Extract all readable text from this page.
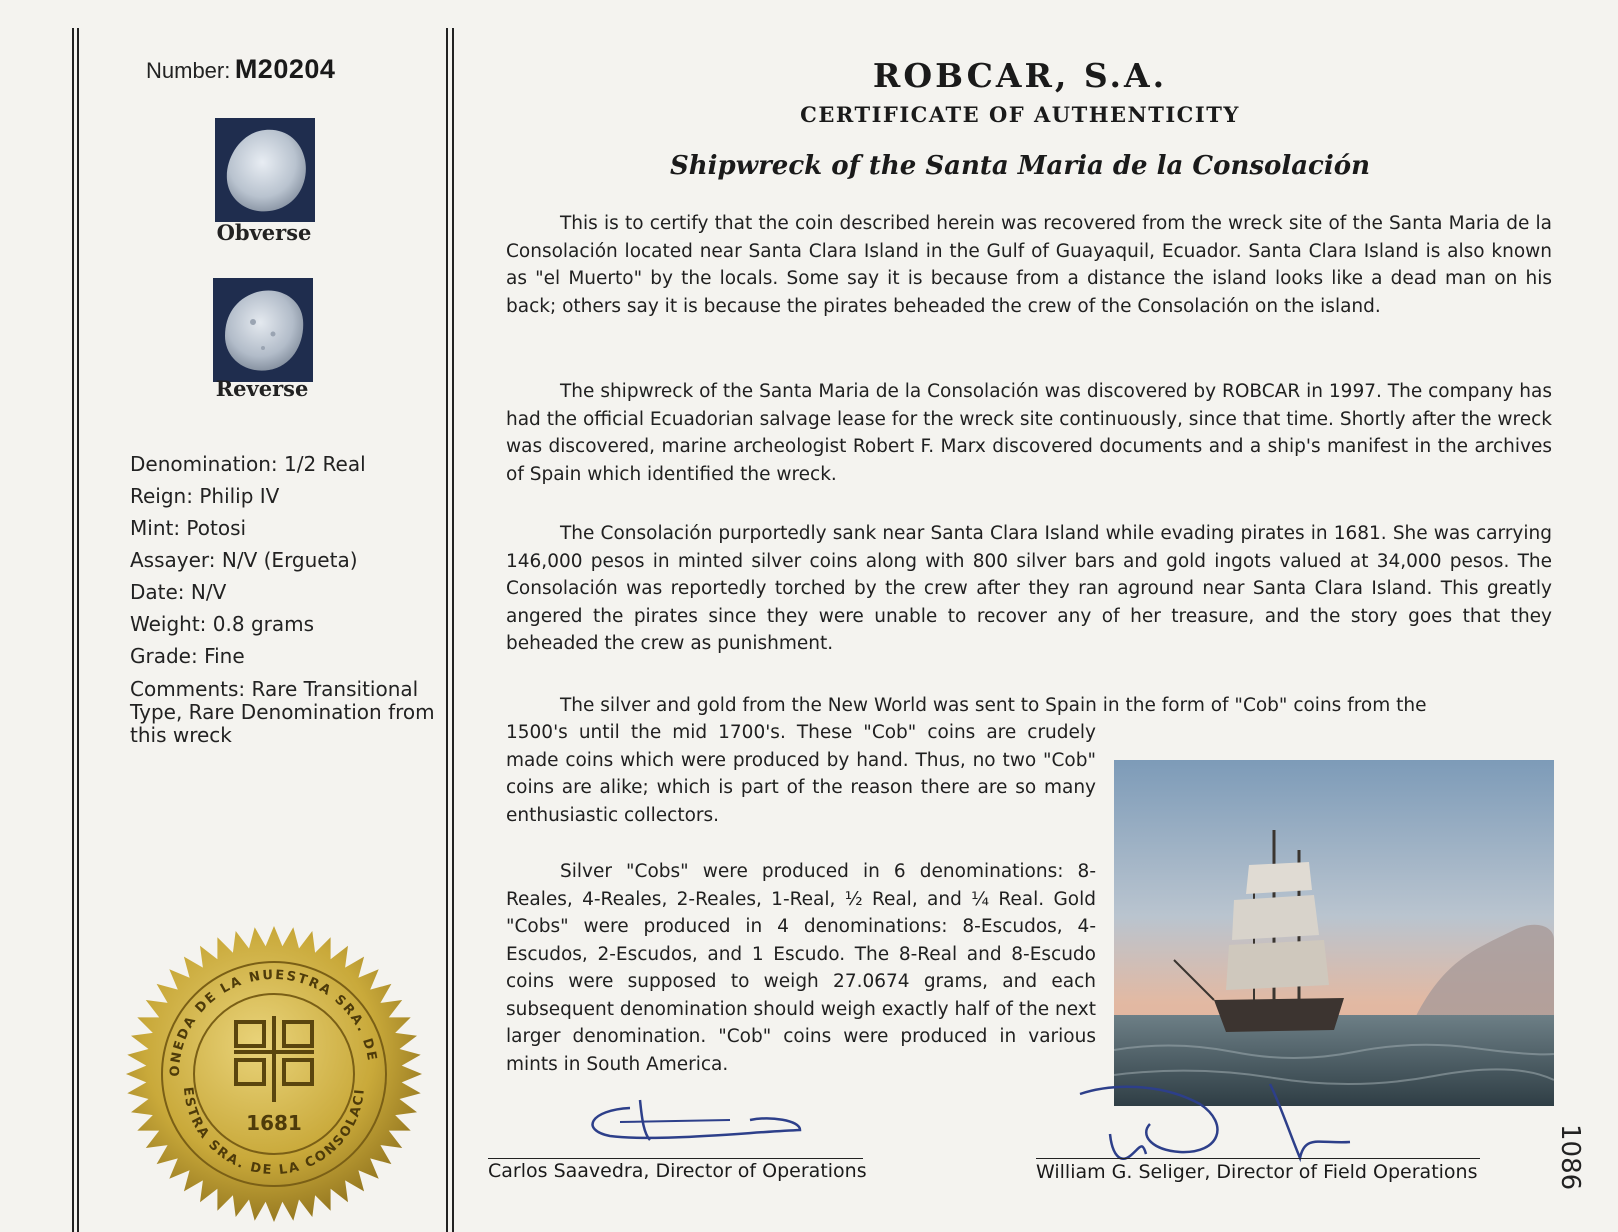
Number: M20204
Obverse
Reverse
Denomination: 1/2 Real
Reign: Philip IV
Mint: Potosi
Assayer: N/V (Ergueta)
Date: N/V
Weight: 0.8 grams
Grade: Fine
Comments: Rare Transitional Type, Rare Denomination from this wreck
ONEDA DE LA NUESTRA SRA. DE
ESTRA SRA. DE LA CONSOLACI
1681
ROBCAR, S.A.
CERTIFICATE OF AUTHENTICITY
Shipwreck of the Santa Maria de la Consolación
This is to certify that the coin described herein was recovered from the wreck site of the Santa Maria de la Consolación located near Santa Clara Island in the Gulf of Guayaquil, Ecuador. Santa Clara Island is also known as "el Muerto" by the locals. Some say it is because from a distance the island looks like a dead man on his back; others say it is because the pirates beheaded the crew of the Consolación on the island.
The shipwreck of the Santa Maria de la Consolación was discovered by ROBCAR in 1997. The company has had the official Ecuadorian salvage lease for the wreck site continuously, since that time. Shortly after the wreck was discovered, marine archeologist Robert F. Marx discovered documents and a ship's manifest in the archives of Spain which identified the wreck.
The Consolación purportedly sank near Santa Clara Island while evading pirates in 1681. She was carrying 146,000 pesos in minted silver coins along with 800 silver bars and gold ingots valued at 34,000 pesos. The Consolación was reportedly torched by the crew after they ran aground near Santa Clara Island. This greatly angered the pirates since they were unable to recover any of her treasure, and the story goes that they beheaded the crew as punishment.
The silver and gold from the New World was sent to Spain in the form of "Cob" coins from the
1500's until the mid 1700's. These "Cob" coins are crudely made coins which were produced by hand. Thus, no two "Cob" coins are alike; which is part of the reason there are so many enthusiastic collectors.
Silver "Cobs" were produced in 6 denominations: 8-Reales, 4-Reales, 2-Reales, 1-Real, ½ Real, and ¼ Real. Gold "Cobs" were produced in 4 denominations: 8-Escudos, 4-Escudos, 2-Escudos, and 1 Escudo. The 8-Real and 8-Escudo coins were supposed to weigh 27.0674 grams, and each subsequent denomination should weigh exactly half of the next larger denomination. "Cob" coins were produced in various mints in South America.
Carlos Saavedra, Director of Operations	William G. Seliger, Director of Field Operations	1086
